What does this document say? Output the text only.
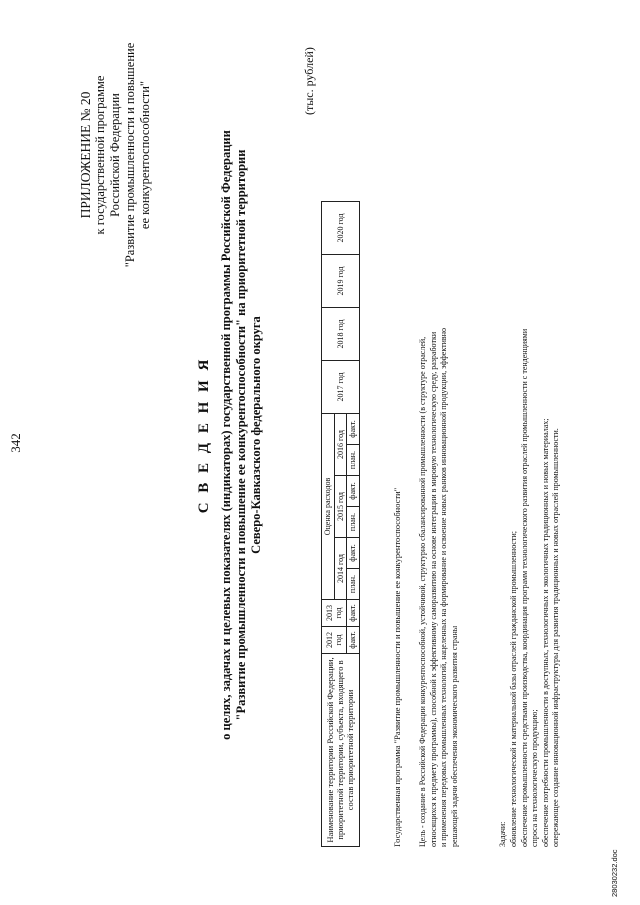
342
ПРИЛОЖЕНИЕ № 20 к государственной программе Российской Федерации "Развитие промышленности и повышение ее конкурентоспособности"
С В Е Д Е Н И Я о целях, задачах и целевых показателях (индикаторах) государственной программы Российской Федерации "Развитие промышленности и повышение ее конкурентоспособности" на приоритетной территории Северо-Кавказского федерального округа
(тыс. рублей)
Наименование территории Российской Федерации, приоритетной территории, субъекта, входящего в состав приоритетной территории	2012 год	2013 год	Оценка расходов						2017 год	2018 год	2019 год	2020 год
			2014 год		2015 год		2016 год					
	факт.	факт.	план.	факт.	план.	факт.	план.	факт.				
Государственная программа "Развитие промышленности и повышение ее конкурентоспособности" Цель - создание в Российской Федерации конкурентоспособной, устойчивой, структурно сбалансированной промышленности (в структуре отраслей, относящихся к предмету программы), способной к эффективному саморазвитию на основе интеграции в мировую технологическую среду, разработки и применения передовых промышленных технологий, нацеленных на формирование и освоение новых рынков инновационной продукции, эффективно решающей задачи обеспечения экономического развития страны	Задачи: обновление технологической и материальной базы отраслей гражданской промышленности; обеспечение промышленности средствами производства, координация программ технологического развития отраслей промышленности с тенденциями спроса на технологическую продукцию; обеспечение потребности промышленности в доступных, технологичных и экологичных традиционных и новых материалах; опережающее создание инновационной инфраструктуры для развития традиционных и новых отраслей промышленности.
28030232.doc
